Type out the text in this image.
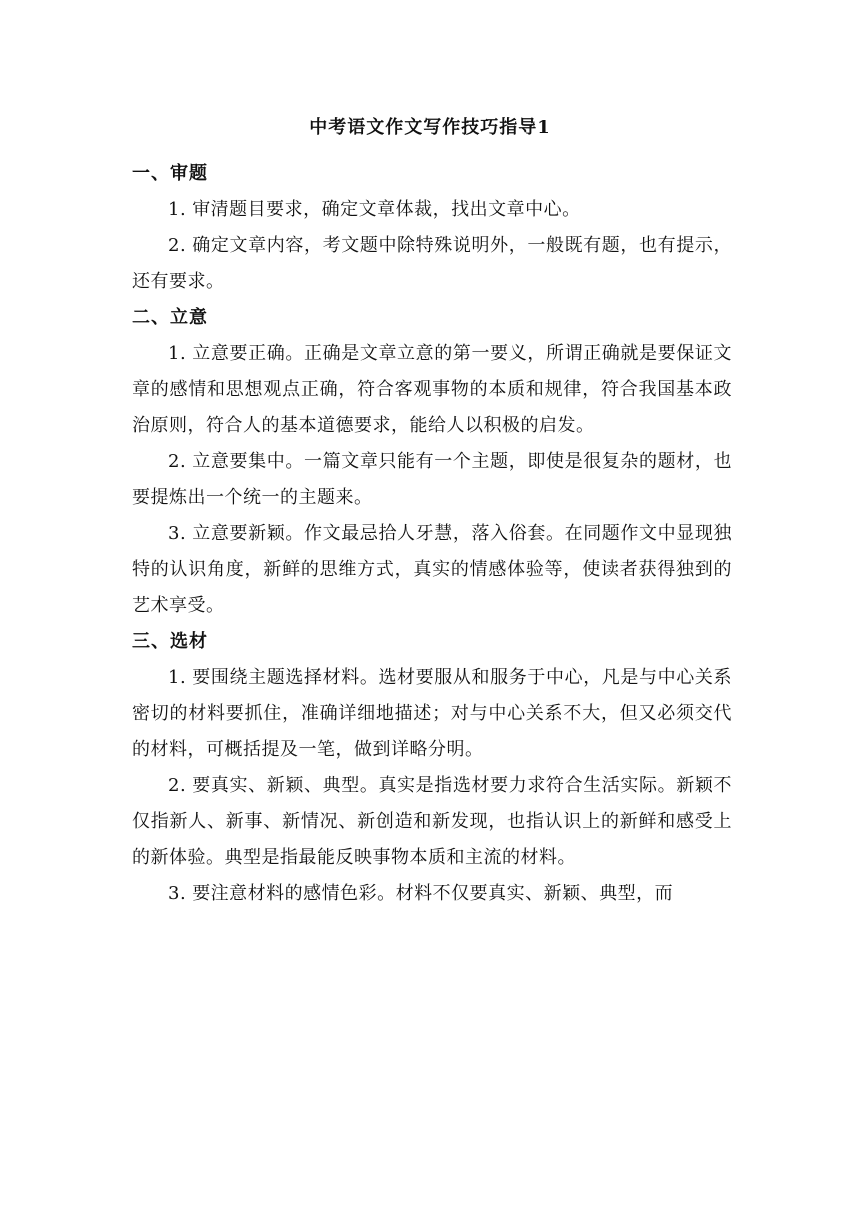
中考语文作文写作技巧指导1
一、审题

1. 审清题目要求，确定文章体裁，找出文章中心。

2. 确定文章内容，考文题中除特殊说明外，一般既有题，也有提示，还有要求。

二、立意

1. 立意要正确。正确是文章立意的第一要义，所谓正确就是要保证文章的感情和思想观点正确，符合客观事物的本质和规律，符合我国基本政治原则，符合人的基本道德要求，能给人以积极的启发。

2. 立意要集中。一篇文章只能有一个主题，即使是很复杂的题材，也要提炼出一个统一的主题来。

3. 立意要新颖。作文最忌拾人牙慧，落入俗套。在同题作文中显现独特的认识角度，新鲜的思维方式，真实的情感体验等，使读者获得独到的艺术享受。

三、选材

1. 要围绕主题选择材料。选材要服从和服务于中心，凡是与中心关系密切的材料要抓住，准确详细地描述；对与中心关系不大，但又必须交代的材料，可概括提及一笔，做到详略分明。

2. 要真实、新颖、典型。真实是指选材要力求符合生活实际。新颖不仅指新人、新事、新情况、新创造和新发现，也指认识上的新鲜和感受上的新体验。典型是指最能反映事物本质和主流的材料。

3. 要注意材料的感情色彩。材料不仅要真实、新颖、典型，而
